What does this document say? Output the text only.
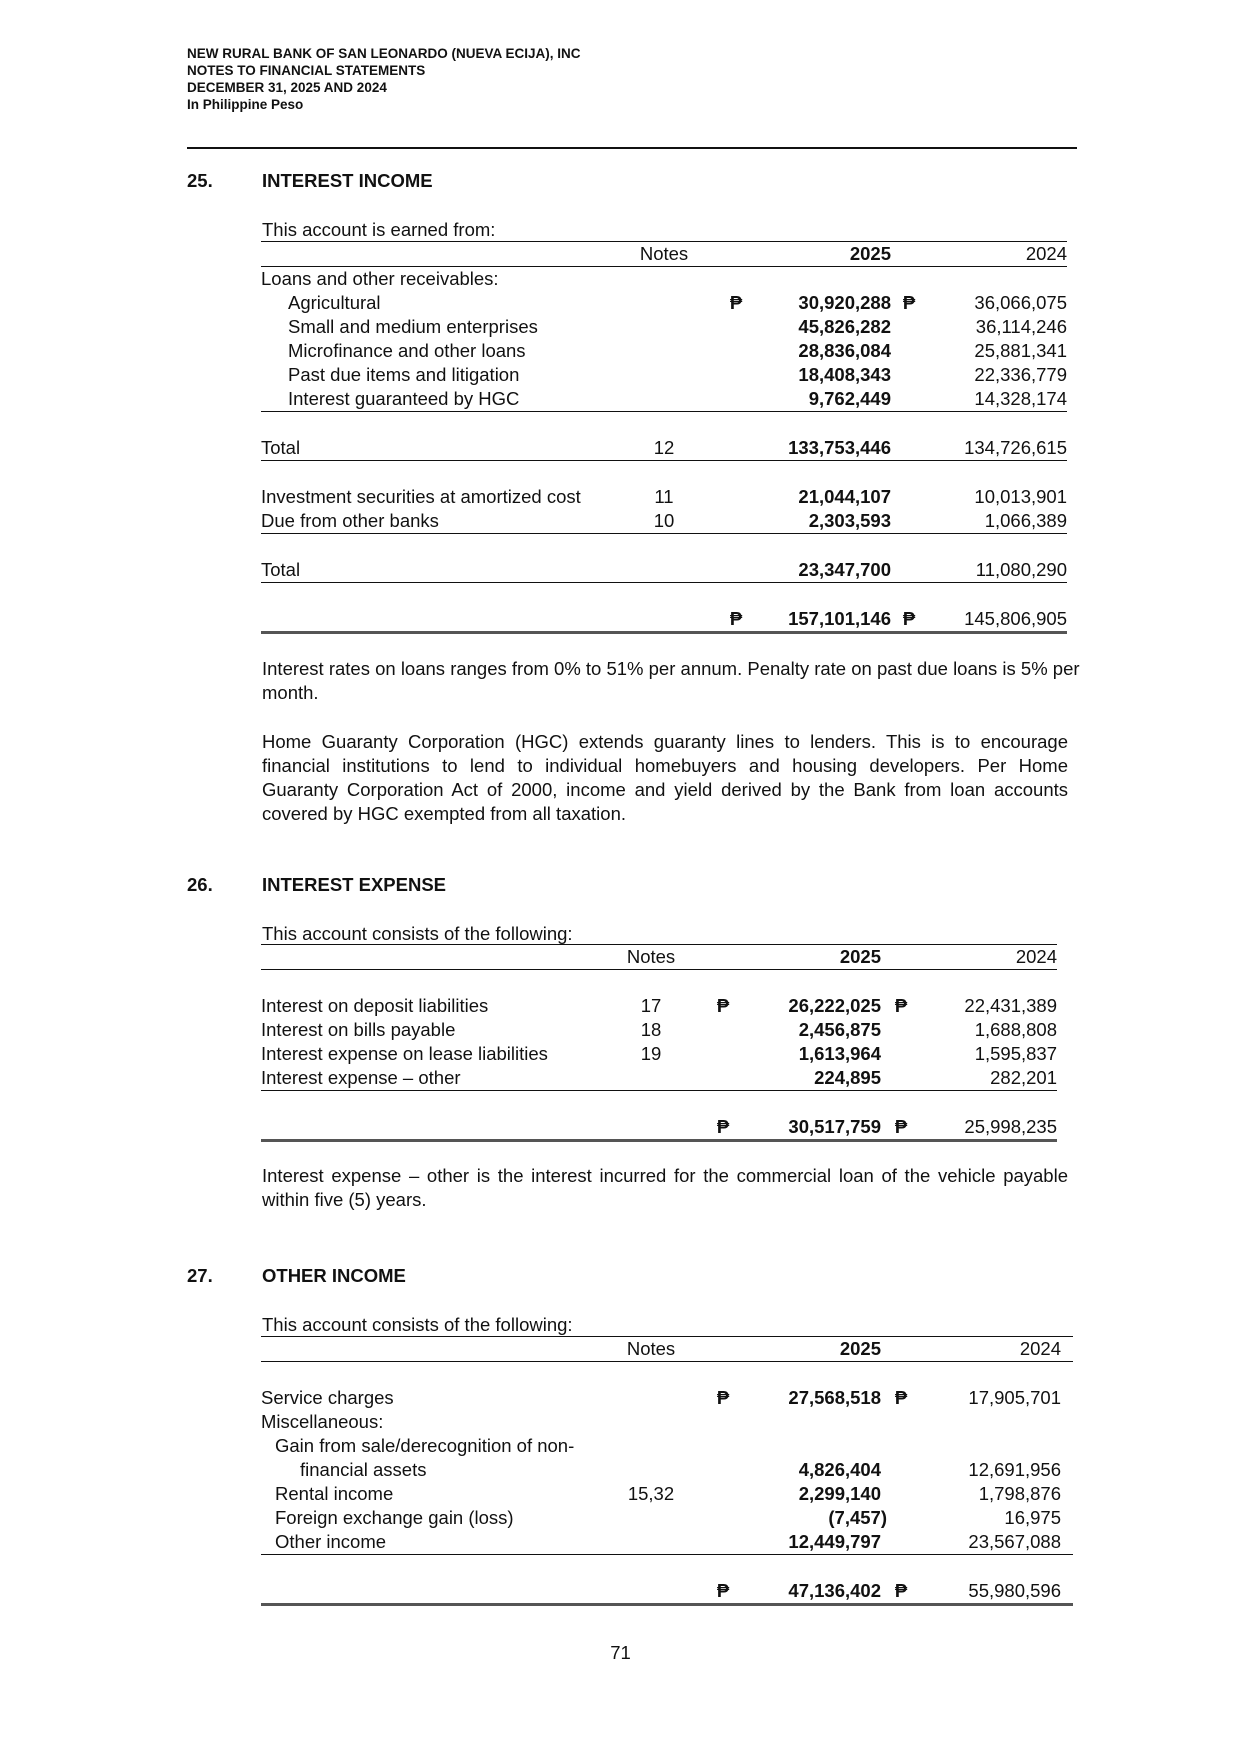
NEW RURAL BANK OF SAN LEONARDO (NUEVA ECIJA), INC
NOTES TO FINANCIAL STATEMENTS
DECEMBER 31, 2025 AND 2024
In Philippine Peso
25.	INTEREST INCOME
This account is earned from:
	Notes		2025		2024
Loans and other receivables:					
Agricultural		₱	30,920,288	₱	36,066,075
Small and medium enterprises			45,826,282		36,114,246
Microfinance and other loans			28,836,084		25,881,341
Past due items and litigation			18,408,343		22,336,779
Interest guaranteed by HGC			9,762,449		14,328,174

Total	12		133,753,446		134,726,615

Investment securities at amortized cost	11		21,044,107		10,013,901
Due from other banks	10		2,303,593		1,066,389

Total			23,347,700		11,080,290

		₱	157,101,146	₱	145,806,905

Interest rates on loans ranges from 0% to 51% per annum. Penalty rate on past due loans is 5% per month.

Home Guaranty Corporation (HGC) extends guaranty lines to lenders. This is to encourage financial institutions to lend to individual homebuyers and housing developers. Per Home Guaranty Corporation Act of 2000, income and yield derived by the Bank from loan accounts covered by HGC exempted from all taxation.

26.	INTEREST EXPENSE
This account consists of the following:
	Notes		2025		2024

Interest on deposit liabilities	17	₱	26,222,025	₱	22,431,389
Interest on bills payable	18		2,456,875		1,688,808
Interest expense on lease liabilities	19		1,613,964		1,595,837
Interest expense – other			224,895		282,201

		₱	30,517,759	₱	25,998,235

Interest expense – other is the interest incurred for the commercial loan of the vehicle payable within five (5) years.

27.	OTHER INCOME
This account consists of the following:
	Notes		2025		2024

Service charges		₱	27,568,518	₱	17,905,701
Miscellaneous:					
Gain from sale/derecognition of non-					
financial assets			4,826,404		12,691,956
Rental income	15,32		2,299,140		1,798,876
Foreign exchange gain (loss)			(7,457)		16,975
Other income			12,449,797		23,567,088

		₱	47,136,402	₱	55,980,596
71
